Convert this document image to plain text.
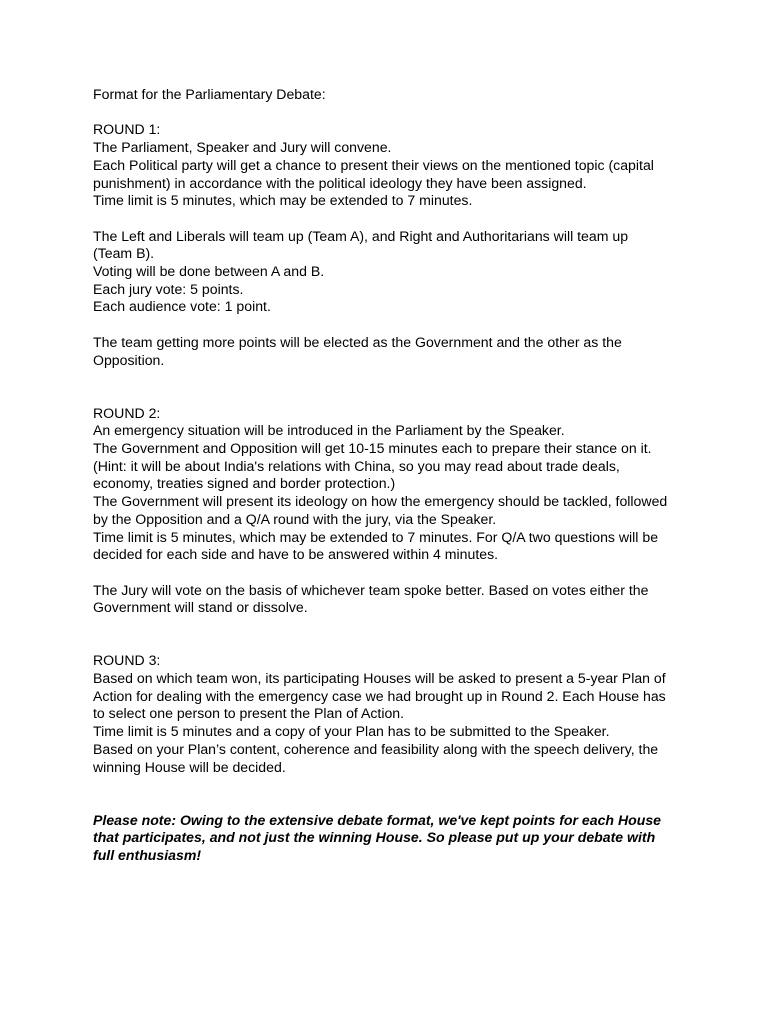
Format for the Parliamentary Debate:
ROUND 1:
The Parliament, Speaker and Jury will convene.
Each Political party will get a chance to present their views on the mentioned topic (capital
punishment) in accordance with the political ideology they have been assigned.
Time limit is 5 minutes, which may be extended to 7 minutes.
The Left and Liberals will team up (Team A), and Right and Authoritarians will team up
(Team B).
Voting will be done between A and B.
Each jury vote: 5 points.
Each audience vote: 1 point.
The team getting more points will be elected as the Government and the other as the
Opposition.
ROUND 2:
An emergency situation will be introduced in the Parliament by the Speaker.
The Government and Opposition will get 10-15 minutes each to prepare their stance on it.
(Hint: it will be about India's relations with China, so you may read about trade deals,
economy, treaties signed and border protection.)
The Government will present its ideology on how the emergency should be tackled, followed
by the Opposition and a Q/A round with the jury, via the Speaker.
Time limit is 5 minutes, which may be extended to 7 minutes. For Q/A two questions will be
decided for each side and have to be answered within 4 minutes.
The Jury will vote on the basis of whichever team spoke better. Based on votes either the
Government will stand or dissolve.
ROUND 3:
Based on which team won, its participating Houses will be asked to present a 5-year Plan of
Action for dealing with the emergency case we had brought up in Round 2. Each House has
to select one person to present the Plan of Action.
Time limit is 5 minutes and a copy of your Plan has to be submitted to the Speaker.
Based on your Plan’s content, coherence and feasibility along with the speech delivery, the
winning House will be decided.
Please note: Owing to the extensive debate format, we've kept points for each House
that participates, and not just the winning House. So please put up your debate with
full enthusiasm!
